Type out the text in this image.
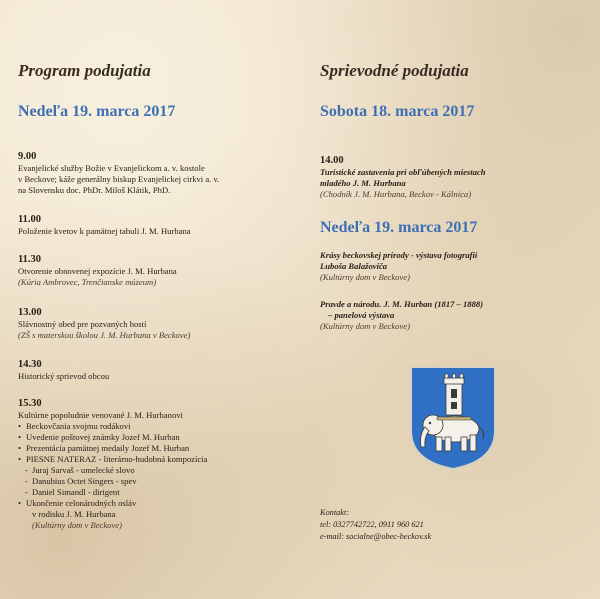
Program podujatia
Nedeľa 19. marca 2017
9.00
Evanjelické služby Božie v Evanjelickom a. v. kostole
v Beckove; káže generálny biskup Evanjelickej cirkvi a. v.
na Slovensku doc. PhDr. Miloš Klátik, PhD.
11.00
Položenie kvetov k pamätnej tabuli J. M. Hurbana
11.30
Otvorenie obnovenej expozície J. M. Hurbana
(Kúria Ambrovec, Trenčianske múzeum)
13.00
Slávnostný obed pre pozvaných hostí
(ZŠ s materskou školou J. M. Hurbana v Beckove)
14.30
Historický sprievod obcou
15.30
Kultúrne popoludnie venované J. M. Hurbanovi
• Beckovčania svojmu rodákovi
• Uvedenie poštovej známky Jozef M. Hurban
• Prezentácia pamätnej medaily Jozef M. Hurban
• PIESNE NATERAZ - literárno-hudobná kompozícia
- Juraj Sarvaš - umelecké slovo
- Danubius Octet Singers - spev
- Daniel Simandl - dirigent
• Ukončenie celonárodných osláv
v rodisku J. M. Hurbana
(Kultúrny dom v Beckove)
Sprievodné podujatia
Sobota 18. marca 2017
14.00
Turistické zastavenia pri obľúbených miestach
mladého J. M. Hurbana
(Chodník J. M. Hurbana, Beckov - Kálnica)
Nedeľa 19. marca 2017
Krásy beckovskej prírody - výstava fotografií
Luboša Balažoviča
(Kultúrny dom v Beckove)
Pravde a národu. J. M. Hurban (1817 – 1888)
– panelová výstava
(Kultúrny dom v Beckove)
Kontakt:
tel: 0327742722, 0911 960 621
e-mail: socialne@obec-beckov.sk
